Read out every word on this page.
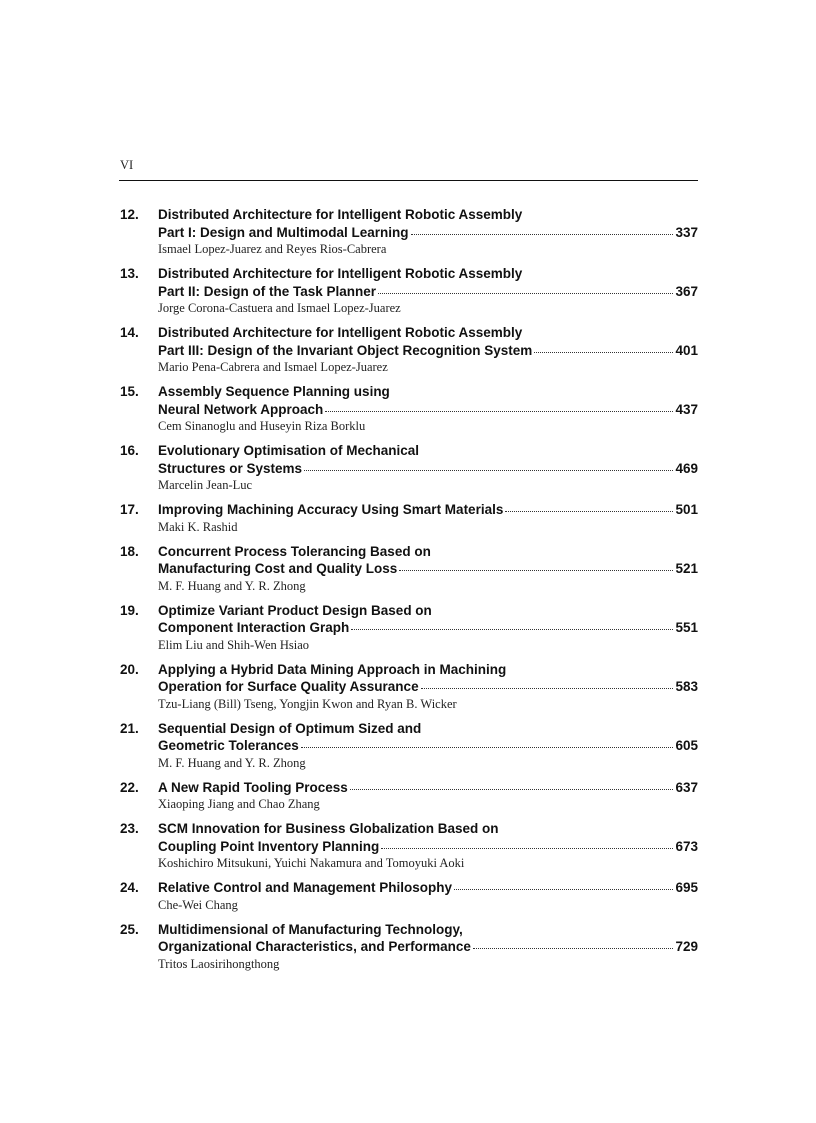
VI
12. Distributed Architecture for Intelligent Robotic Assembly
Part I: Design and Multimodal Learning	337
Ismael Lopez-Juarez and Reyes Rios-Cabrera
13. Distributed Architecture for Intelligent Robotic Assembly
Part II: Design of the Task Planner	367
Jorge Corona-Castuera and Ismael Lopez-Juarez
14. Distributed Architecture for Intelligent Robotic Assembly
Part III: Design of the Invariant Object Recognition System	401
Mario Pena-Cabrera and Ismael Lopez-Juarez
15. Assembly Sequence Planning using
Neural Network Approach	437
Cem Sinanoglu and Huseyin Riza Borklu
16. Evolutionary Optimisation of Mechanical
Structures or Systems	469
Marcelin Jean-Luc
17. Improving Machining Accuracy Using Smart Materials	501
Maki K. Rashid
18. Concurrent Process Tolerancing Based on
Manufacturing Cost and Quality Loss	521
M. F. Huang and Y. R. Zhong
19. Optimize Variant Product Design Based on
Component Interaction Graph	551
Elim Liu and Shih-Wen Hsiao
20. Applying a Hybrid Data Mining Approach in Machining
Operation for Surface Quality Assurance	583
Tzu-Liang (Bill) Tseng, Yongjin Kwon and Ryan B. Wicker
21. Sequential Design of Optimum Sized and
Geometric Tolerances	605
M. F. Huang and Y. R. Zhong
22. A New Rapid Tooling Process	637
Xiaoping Jiang and Chao Zhang
23. SCM Innovation for Business Globalization Based on
Coupling Point Inventory Planning	673
Koshichiro Mitsukuni, Yuichi Nakamura and Tomoyuki Aoki
24. Relative Control and Management Philosophy	695
Che-Wei Chang
25. Multidimensional of Manufacturing Technology,
Organizational Characteristics, and Performance	729
Tritos Laosirihongthong
